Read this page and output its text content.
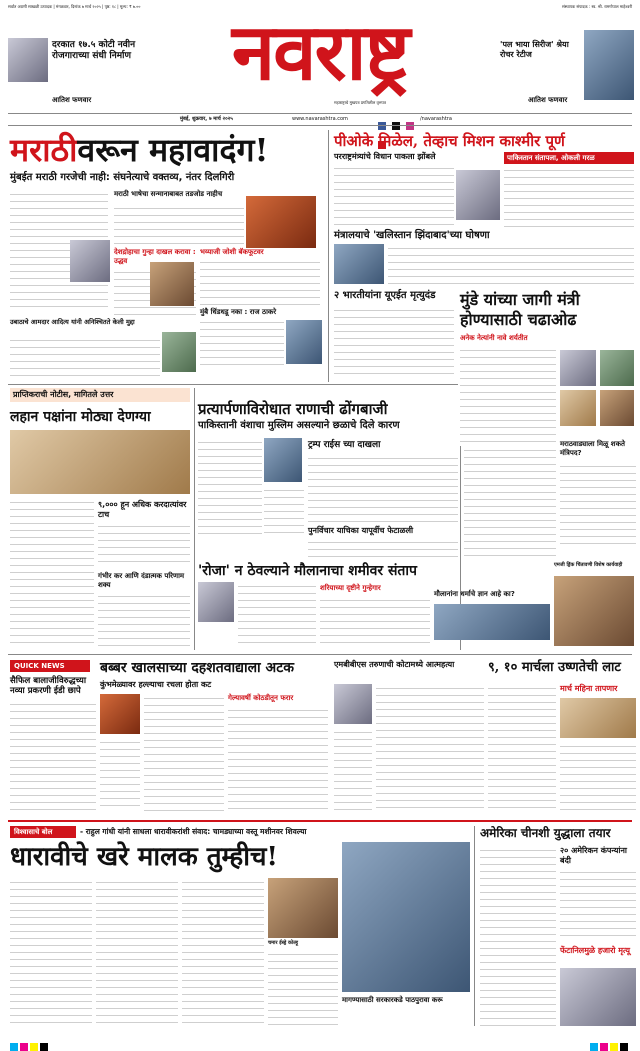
सर्वात अग्रणी साखळी उत्पादक | मंगळवार, दिनांक ७ मार्च २०२५ | पृष्ठ: १८ | मूल्य: ₹ ७.००	संस्थापक संपादक : स्व. श्री. रामगोपाल माहेश्वरी
दरकात १७.५ कोटी नवीन रोजगाराच्या संधी निर्माण
आतिश फणवार
नवराष्ट्र
महाराष्ट्राचे मुखपत्र प्रगतिशील वृत्तपत्र
'पल भाया सिरीज' श्रेया रोचर रेटीज
आतिश फणवार
मुंबई, शुक्रवार, ७ मार्च २०२५	www.navarashtra.com
	/navarashtra
मराठीवरून महावादंग!
मुंबईत मराठी गरजेची नाही: संघनेत्याचे वक्तव्य, नंतर दिलगिरी
मराठी भाषेचा सन्मानाबाबत तडजोड नाहीच
देशद्रोहाचा गुन्हा दाखल करावा : उद्धव
भय्याजी जोशी बॅकफूटवर
मुंबै धिंडधडू नका : राज ठाकरे
उबाठाचे आमदार आदित्य यांनी अनिश्चितते केली मुद्दा
पीओके मिळेल, तेव्हाच मिशन काश्मीर पूर्ण
परराष्ट्रमंत्र्यांचे विधान पाकला झोंबले	पाकिस्तान संतापला, ओकली गरळ
मंत्रालयाचे 'खलिस्तान झिंदाबाद'च्या घोषणा
२ भारतीयांना यूएईत मृत्युदंड	मुंडे यांच्या जागी मंत्री होण्यासाठी चढाओढ
अनेक नेत्यांनी नावे शर्यतीत
प्राप्तिकराची नोटीस, मागितले उत्तर
लहान पक्षांना मोठ्या देणग्या
९,००० हून अधिक करदात्यांवर टाच
गंभीर कर आणि दंडात्मक परिणाम शक्य
प्रत्यार्पणाविरोधात राणाची ढोंगबाजी
पाकिस्तानी वंशाचा मुस्लिम असल्याने छळाचे दिले कारण
ट्रम्प राईस च्या दाखला
पुनर्विचार याचिका यापूर्वीच फेटाळली
मराठवाड्याला मिळू शकते मंत्रिपद?
'रोजा' न ठेवल्याने मौलानाचा शमीवर संताप
शरियाच्या दृष्टीने गुन्हेगार
मौलानांना धर्माचे ज्ञान आहे का?
एमजी ड्रिंक चिंतावणी विशेष कार्यवाही
QUICK NEWS
सैफिल बालाजीविरुद्धच्या नव्या प्रकरणी ईडी छापे
बब्बर खालसाच्या दहशतवाद्याला अटक
कुंभमेळ्यावर हल्ल्याचा रचला होता कट
गेल्यावर्षी कोठडीतून फरार
एमबीबीएस तरुणाची कोटामध्ये आत्महत्या	९, १० मार्चला उष्णतेची लाट
मार्च महिना तापणार
विश्वासाचे बोल	- राहुल गांधी यांनी साधला धारावीकरांशी संवाद: चामड्याच्या वस्तू मशीनवर शिवल्या
धारावीचे खरे मालक तुम्हीच!
चमार ईस्ड्रे कोल्हू
मागण्यासाठी सरकारकडे पाठपुरावा करू
अमेरिका चीनशी युद्धाला तयार
२० अमेरिकन कंपन्यांना बंदी
फेंटानिलमुळे हजारो मृत्यू
